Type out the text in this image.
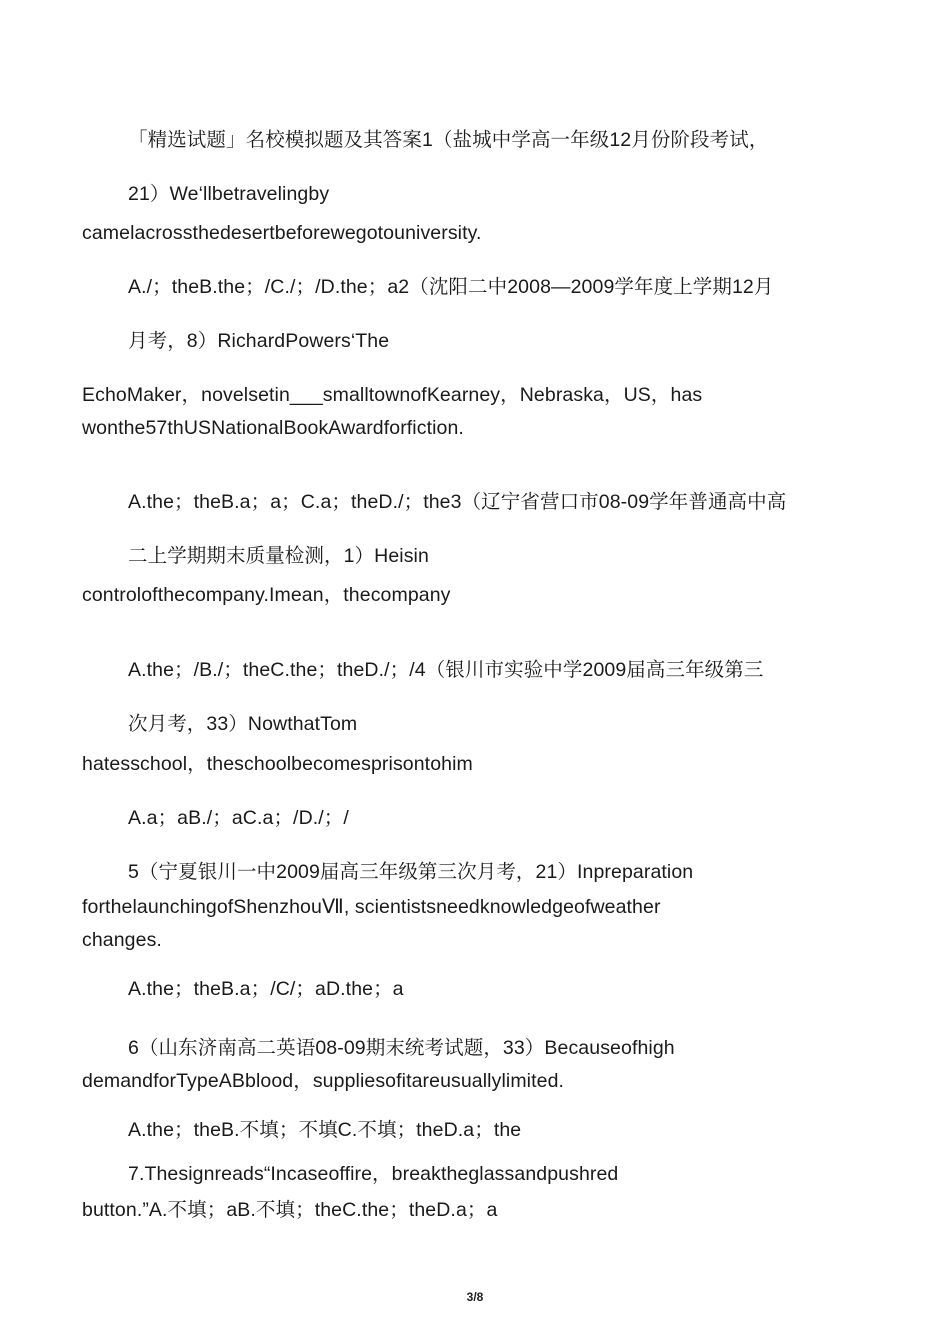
「精选试题」名校模拟题及其答案1（盐城中学高一年级12月份阶段考试，
21）We‘llbetravelingby
camelacrossthedesertbeforewegotouniversity.
A./；theB.the；/C./；/D.the；a2（沈阳二中2008—2009学年度上学期12月
月考，8）RichardPowers‘The
EchoMaker，novelsetin___smalltownofKearney，Nebraska，US，has
wonthe57thUSNationalBookAwardforfiction.
A.the；theB.a；a；C.a；theD./；the3（辽宁省营口市08-09学年普通高中高
二上学期期末质量检测，1）Heisin
controlofthecompany.Imean，thecompany
A.the；/B./；theC.the；theD./；/4（银川市实验中学2009届高三年级第三
次月考，33）NowthatTom
hatesschool，theschoolbecomesprisontohim
A.a；aB./；aC.a；/D./；/
5（宁夏银川一中2009届高三年级第三次月考，21）Inpreparation
forthelaunchingofShenzhouⅦ, scientistsneedknowledgeofweather
changes.
A.the；theB.a；/C/；aD.the；a
6（山东济南高二英语08-09期末统考试题，33）Becauseofhigh
demandforTypeABblood，suppliesofitareusuallylimited.
A.the；theB.不填；不填C.不填；theD.a；the
7.Thesignreads“Incaseoffire，breaktheglassandpushred
button.”A.不填；aB.不填；theC.the；theD.a；a
3/8
